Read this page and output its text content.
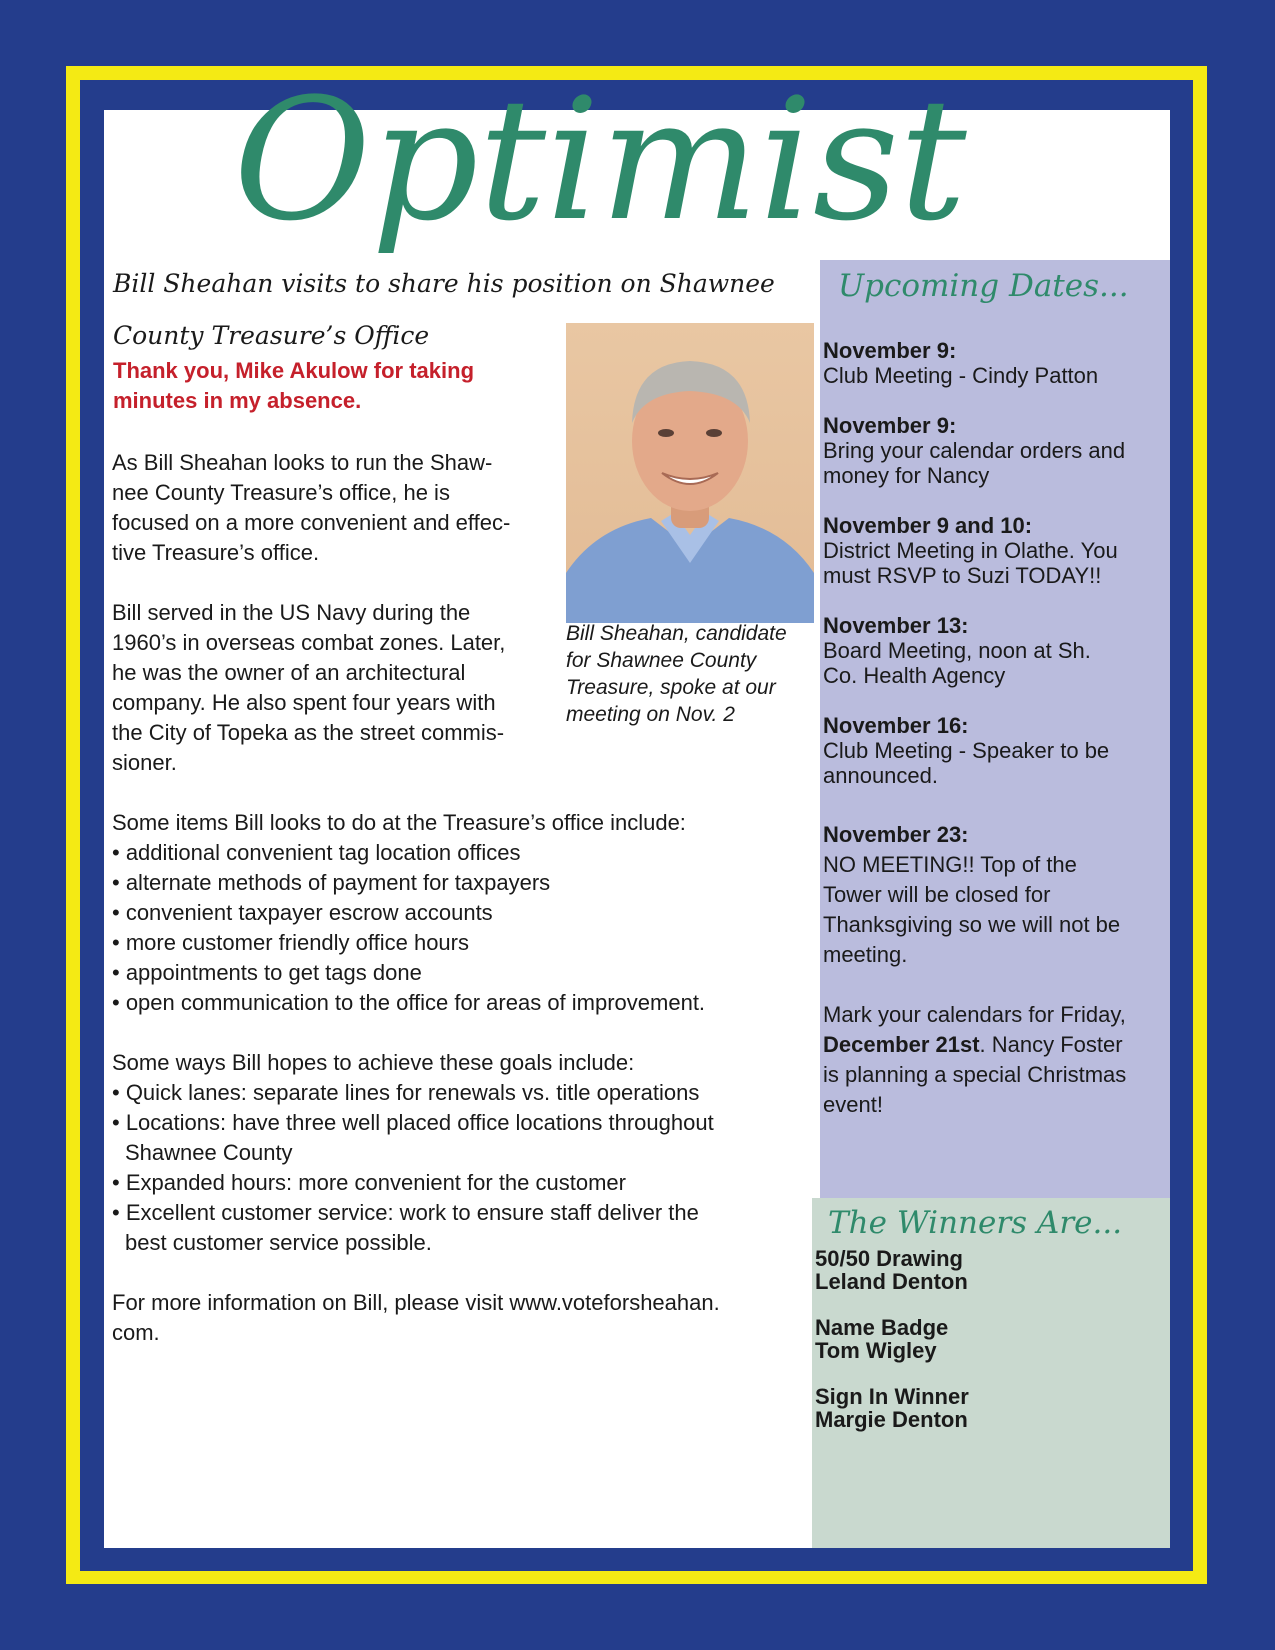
Optimist
Bill Sheahan visits to share his position on Shawnee
County Treasure’s Office

Thank you, Mike Akulow for taking
minutes in my absence.

Bill Sheahan, candidate
for Shawnee County
Treasure, spoke at our
meeting on Nov. 2

As Bill Sheahan looks to run the Shaw-
nee County Treasure’s office, he is
focused on a more convenient and effec-
tive Treasure’s office.

Bill served in the US Navy during the
1960’s in overseas combat zones. Later,
he was the owner of an architectural
company. He also spent four years with
the City of Topeka as the street commis-
sioner.

Some items Bill looks to do at the Treasure’s office include:
• additional convenient tag location offices
• alternate methods of payment for taxpayers
• convenient taxpayer escrow accounts
• more customer friendly office hours
• appointments to get tags done
• open communication to the office for areas of improvement.

Some ways Bill hopes to achieve these goals include:
• Quick lanes: separate lines for renewals vs. title operations
• Locations: have three well placed office locations throughout
Shawnee County
• Expanded hours: more convenient for the customer
• Excellent customer service: work to ensure staff deliver the
best customer service possible.

For more information on Bill, please visit www.voteforsheahan.
com.

Upcoming Dates...

November 9:
Club Meeting - Cindy Patton

November 9:
Bring your calendar orders and
money for Nancy

November 9 and 10:
District Meeting in Olathe. You
must RSVP to Suzi TODAY!!

November 13:
Board Meeting, noon at Sh.
Co. Health Agency

November 16:
Club Meeting - Speaker to be
announced.

November 23:
NO MEETING!! Top of the
Tower will be closed for
Thanksgiving so we will not be
meeting.

Mark your calendars for Friday,
December 21st. Nancy Foster
is planning a special Christmas
event!

The Winners Are...

50/50 Drawing
Leland Denton

Name Badge
Tom Wigley

Sign In Winner
Margie Denton
